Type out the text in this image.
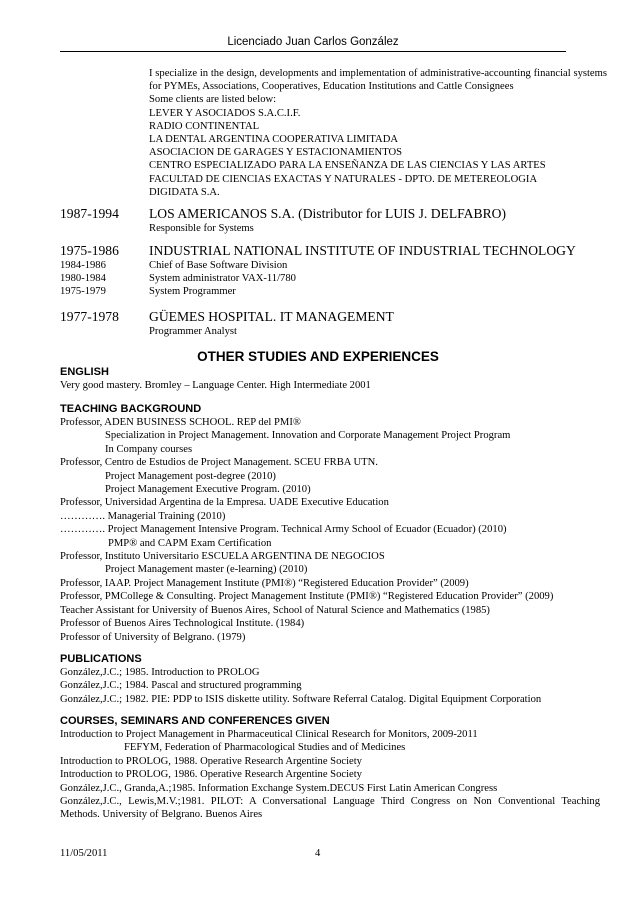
Licenciado Juan Carlos González

I specialize in the design, developments and implementation of administrative-accounting financial systems for PYMEs, Associations, Cooperatives, Education Institutions and Cattle Consignees

Some clients are listed below:

LEVER Y ASOCIADOS S.A.C.I.F.
RADIO CONTINENTAL
LA DENTAL ARGENTINA COOPERATIVA LIMITADA
ASOCIACION DE GARAGES Y ESTACIONAMIENTOS
CENTRO ESPECIALIZADO PARA LA ENSEÑANZA DE LAS CIENCIAS Y LAS ARTES
FACULTAD DE CIENCIAS EXACTAS Y NATURALES - DPTO. DE METEREOLOGIA
DIGIDATA S.A.
1987-1994	LOS AMERICANOS S.A. (Distributor for LUIS J. DELFABRO)
Responsible for Systems
1975-1986	INDUSTRIAL NATIONAL INSTITUTE OF INDUSTRIAL TECHNOLOGY
1984-1986	Chief of Base Software Division
1980-1984	System administrator VAX-11/780
1975-1979	System Programmer
1977-1978	GÜEMES HOSPITAL. IT MANAGEMENT
Programmer Analyst
OTHER STUDIES AND EXPERIENCES
ENGLISH
Very good mastery. Bromley – Language Center. High Intermediate 2001
TEACHING BACKGROUND
Professor, ADEN BUSINESS SCHOOL. REP del PMI®
Specialization in Project Management. Innovation and Corporate Management Project Program
In Company courses
Professor, Centro de Estudios de Project Management. SCEU FRBA UTN.
Project Management post-degree (2010)
Project Management Executive Program. (2010)
Professor, Universidad Argentina de la Empresa. UADE Executive Education
…………. Managerial Training (2010)
…………. Project Management Intensive Program. Technical Army School of Ecuador (Ecuador) (2010)
PMP® and CAPM Exam Certification
Professor, Instituto Universitario ESCUELA ARGENTINA DE NEGOCIOS
Project Management master (e-learning) (2010)
Professor, IAAP. Project Management Institute (PMI®) “Registered Education Provider” (2009)
Professor, PMCollege & Consulting. Project Management Institute (PMI®) “Registered Education Provider” (2009)
Teacher Assistant for University of Buenos Aires, School of Natural Science and Mathematics (1985)
Professor of Buenos Aires Technological Institute. (1984)
Professor of University of Belgrano. (1979)
PUBLICATIONS
González,J.C.; 1985. Introduction to PROLOG
González,J.C.; 1984. Pascal and structured programming
González,J.C.; 1982. PIE: PDP to ISIS diskette utility. Software Referral Catalog. Digital Equipment Corporation
COURSES, SEMINARS AND CONFERENCES GIVEN
Introduction to Project Management in Pharmaceutical Clinical Research for Monitors, 2009-2011
FEFYM, Federation of Pharmacological Studies and of Medicines
Introduction to PROLOG, 1988. Operative Research Argentine Society
Introduction to PROLOG, 1986. Operative Research Argentine Society
González,J.C., Granda,A.;1985. Information Exchange System.DECUS First Latin American Congress
González,J.C., Lewis,M.V.;1981. PILOT: A Conversational Language Third Congress on Non Conventional Teaching Methods. University of Belgrano. Buenos Aires
11/05/2011	4
